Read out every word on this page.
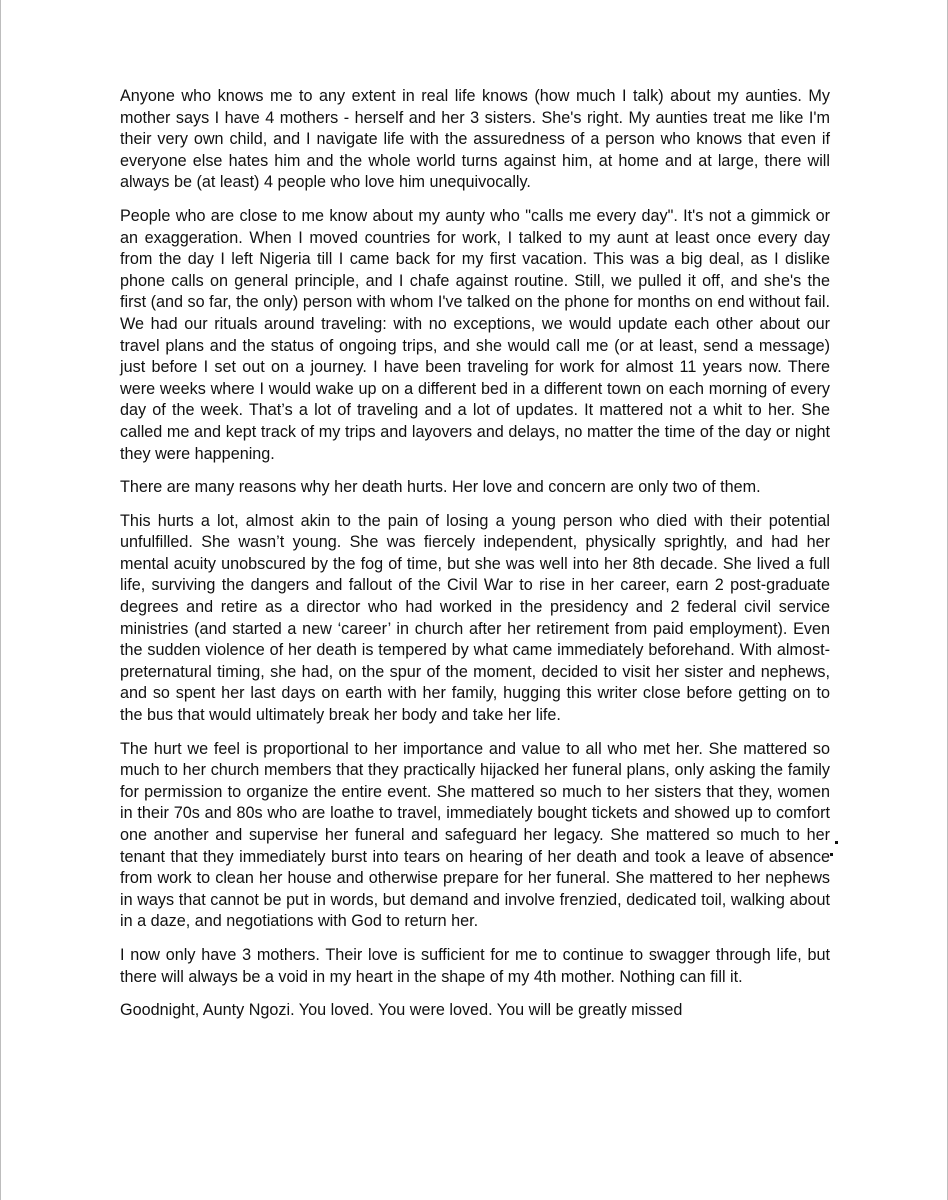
Anyone who knows me to any extent in real life knows (how much I talk) about my aunties. My mother says I have 4 mothers - herself and her 3 sisters. She's right. My aunties treat me like I'm their very own child, and I navigate life with the assuredness of a person who knows that even if everyone else hates him and the whole world turns against him, at home and at large, there will always be (at least) 4 people who love him unequivocally.

People who are close to me know about my aunty who "calls me every day". It's not a gimmick or an exaggeration. When I moved countries for work, I talked to my aunt at least once every day from the day I left Nigeria till I came back for my first vacation. This was a big deal, as I dislike phone calls on general principle, and I chafe against routine. Still, we pulled it off, and she's the first (and so far, the only) person with whom I've talked on the phone for months on end without fail. We had our rituals around traveling: with no exceptions, we would update each other about our travel plans and the status of ongoing trips, and she would call me (or at least, send a message) just before I set out on a journey. I have been traveling for work for almost 11 years now. There were weeks where I would wake up on a different bed in a different town on each morning of every day of the week. That’s a lot of traveling and a lot of updates. It mattered not a whit to her. She called me and kept track of my trips and layovers and delays, no matter the time of the day or night they were happening.

There are many reasons why her death hurts. Her love and concern are only two of them.

This hurts a lot, almost akin to the pain of losing a young person who died with their potential unfulfilled. She wasn’t young. She was fiercely independent, physically sprightly, and had her mental acuity unobscured by the fog of time, but she was well into her 8th decade. She lived a full life, surviving the dangers and fallout of the Civil War to rise in her career, earn 2 post-graduate degrees and retire as a director who had worked in the presidency and 2 federal civil service ministries (and started a new ‘career’ in church after her retirement from paid employment). Even the sudden violence of her death is tempered by what came immediately beforehand. With almost-preternatural timing, she had, on the spur of the moment, decided to visit her sister and nephews, and so spent her last days on earth with her family, hugging this writer close before getting on to the bus that would ultimately break her body and take her life.

The hurt we feel is proportional to her importance and value to all who met her. She mattered so much to her church members that they practically hijacked her funeral plans, only asking the family for permission to organize the entire event. She mattered so much to her sisters that they, women in their 70s and 80s who are loathe to travel, immediately bought tickets and showed up to comfort one another and supervise her funeral and safeguard her legacy. She mattered so much to her tenant that they immediately burst into tears on hearing of her death and took a leave of absence from work to clean her house and otherwise prepare for her funeral. She mattered to her nephews in ways that cannot be put in words, but demand and involve frenzied, dedicated toil, walking about in a daze, and negotiations with God to return her.

I now only have 3 mothers. Their love is sufficient for me to continue to swagger through life, but there will always be a void in my heart in the shape of my 4th mother. Nothing can fill it.

Goodnight, Aunty Ngozi. You loved. You were loved. You will be greatly missed
